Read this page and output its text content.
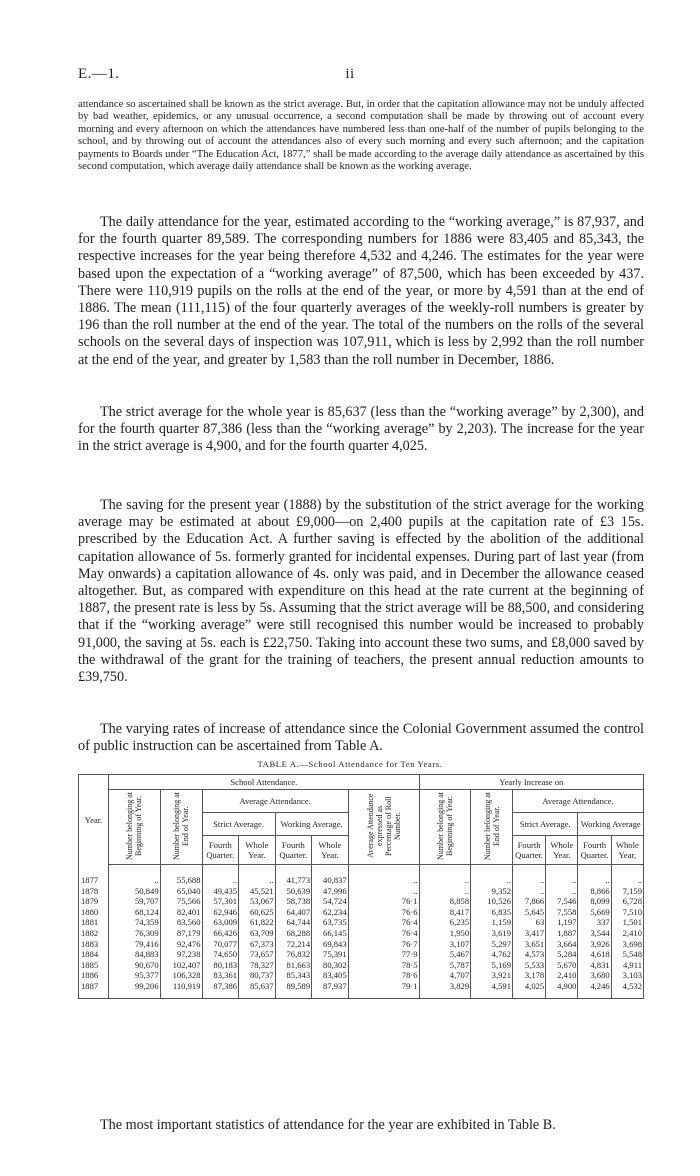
E.—1.	ii

attendance so ascertained shall be known as the strict average. But, in order that the capitation allowance may not be unduly affected by bad weather, epidemics, or any unusual occurrence, a second computation shall be made by throwing out of account every morning and every afternoon on which the attendances have numbered less than one-half of the number of pupils belonging to the school, and by throwing out of account the attendances also of every such morning and every such afternoon; and the capitation payments to Boards under “The Education Act, 1877,” shall be made according to the average daily attendance as ascertained by this second computation, which average daily attendance shall be known as the working average.

The daily attendance for the year, estimated according to the “working average,” is 87,937, and for the fourth quarter 89,589. The corresponding numbers for 1886 were 83,405 and 85,343, the respective increases for the year being therefore 4,532 and 4,246. The estimates for the year were based upon the expectation of a “working average” of 87,500, which has been exceeded by 437. There were 110,919 pupils on the rolls at the end of the year, or more by 4,591 than at the end of 1886. The mean (111,115) of the four quarterly averages of the weekly-roll numbers is greater by 196 than the roll number at the end of the year. The total of the numbers on the rolls of the several schools on the several days of inspection was 107,911, which is less by 2,992 than the roll number at the end of the year, and greater by 1,583 than the roll number in December, 1886.

The strict average for the whole year is 85,637 (less than the “working average” by 2,300), and for the fourth quarter 87,386 (less than the “working average” by 2,203). The increase for the year in the strict average is 4,900, and for the fourth quarter 4,025.

The saving for the present year (1888) by the substitution of the strict average for the working average may be estimated at about £9,000—on 2,400 pupils at the capitation rate of £3 15s. prescribed by the Education Act. A further saving is effected by the abolition of the additional capitation allowance of 5s. formerly granted for incidental expenses. During part of last year (from May onwards) a capitation allowance of 4s. only was paid, and in December the allowance ceased altogether. But, as compared with expenditure on this head at the rate current at the beginning of 1887, the present rate is less by 5s. Assuming that the strict average will be 88,500, and considering that if the “working average” were still recognised this number would be increased to probably 91,000, the saving at 5s. each is £22,750. Taking into account these two sums, and £8,000 saved by the withdrawal of the grant for the training of teachers, the present annual reduction amounts to £39,750.

The varying rates of increase of attendance since the Colonial Government assumed the control of public instruction can be ascertained from Table A.

TABLE A.—School Attendance for Ten Years.
Year.	School Attendance.							Yearly Increase on					
	Number belonging at Beginning of Year.	Number belonging at End of Year.	Average Attendance.				Average Attendance expressed as Percentage of Roll Number.	Number belonging at Beginning of Year.	Number belonging at End of Year.	Average Attendance.			
			Strict Average.		Working Average.					Strict Average.		Working Average	
			Fourth Quarter.	Whole Year.	Fourth Quarter.	Whole Year.				Fourth Quarter.	Whole Year.	Fourth Quarter.	Whole Year,

1877	..	55,688	..	..	41,773	40,837	..	..	..	..	..	..	..
1878	50,849	65,040	49,435	45,521	50,639	47,996	..	..	9,352	..	..	8,866	7,159
1879	59,707	75,566	57,301	53,067	58,738	54,724	76·1	8,858	10,526	7,866	7,546	8,099	6,728
1880	68,124	82,401	62,946	60,625	64,407	62,234	76·6	8,417	6,835	5,645	7,558	5,669	7,510
1881	74,359	83,560	63,009	61,822	64,744	63,735	76·4	6,235	1,159	63	1,197	337	1,501
1882	76,309	87,179	66,426	63,709	68,288	66,145	76·4	1,950	3,619	3,417	1,887	3,544	2,410
1883	79,416	92,476	70,077	67,373	72,214	69,843	76·7	3,107	5,297	3,651	3,664	3,926	3,698
1884	84,883	97,238	74,650	73,657	76,832	75,391	77·9	5,467	4,762	4,573	5,284	4,618	5,548
1885	90,670	102,407	80,183	78,327	81,663	80,302	78·5	5,787	5,169	5,533	5,670	4,831	4,911
1886	95,377	106,328	83,361	80,737	85,343	83,405	78·6	4,707	3,921	3,178	2,410	3,680	3,103
1887	99,206	110,919	87,386	85,637	89,589	87,937	79·1	3,829	4,591	4,025	4,900	4,246	4,532

The most important statistics of attendance for the year are exhibited in Table B.
